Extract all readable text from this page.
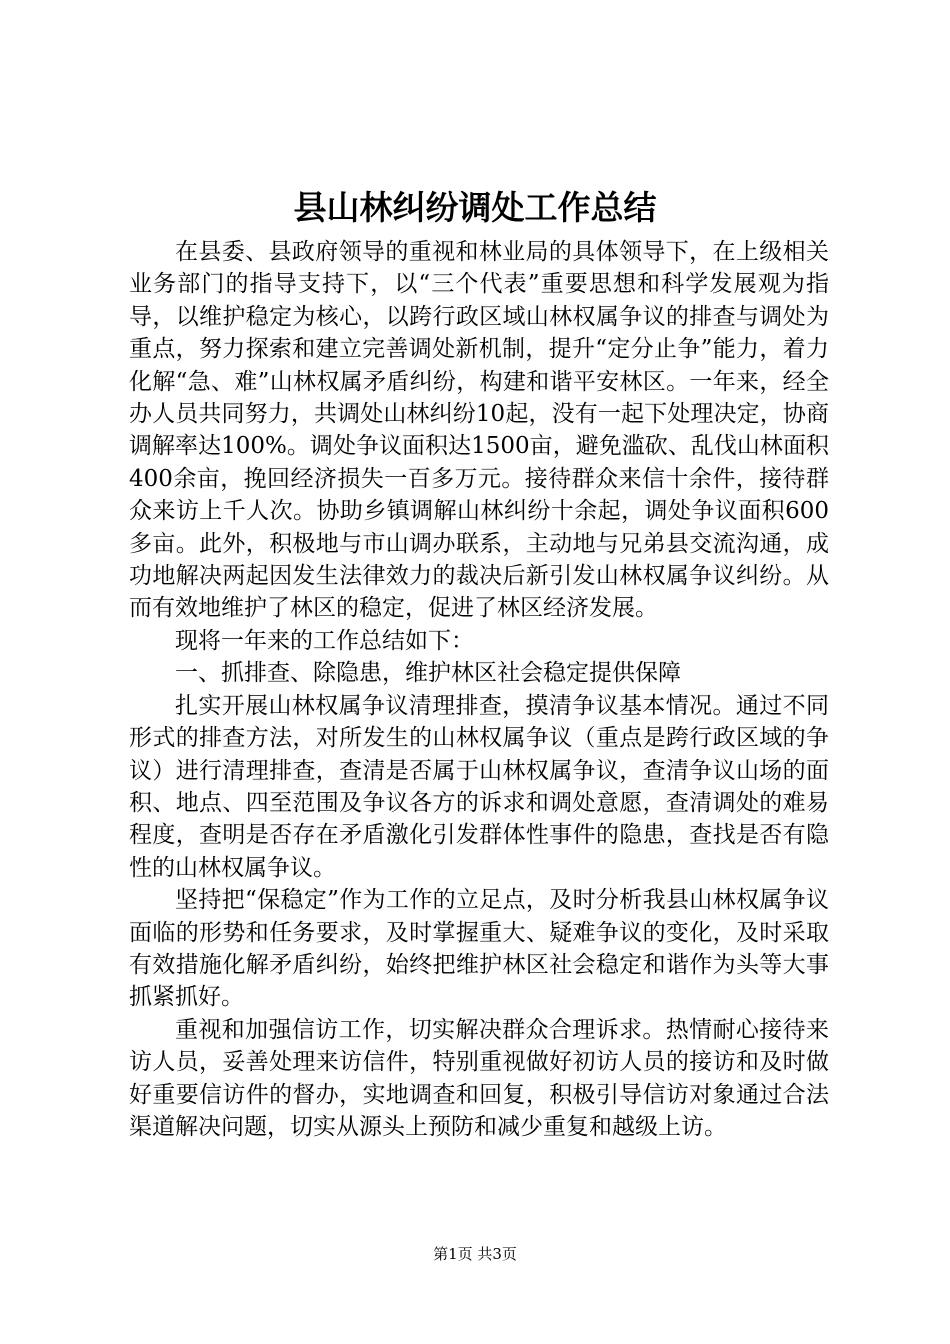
县山林纠纷调处工作总结

在县委、县政府领导的重视和林业局的具体领导下，在上级相关业务部门的指导支持下，以“三个代表”重要思想和科学发展观为指导，以维护稳定为核心，以跨行政区域山林权属争议的排查与调处为重点，努力探索和建立完善调处新机制，提升“定分止争”能力，着力化解“急、难”山林权属矛盾纠纷，构建和谐平安林区。一年来，经全办人员共同努力，共调处山林纠纷10起，没有一起下处理决定，协商调解率达100%。调处争议面积达1500亩，避免滥砍、乱伐山林面积400余亩，挽回经济损失一百多万元。接待群众来信十余件，接待群众来访上千人次。协助乡镇调解山林纠纷十余起，调处争议面积600多亩。此外，积极地与市山调办联系，主动地与兄弟县交流沟通，成功地解决两起因发生法律效力的裁决后新引发山林权属争议纠纷。从而有效地维护了林区的稳定，促进了林区经济发展。

现将一年来的工作总结如下：

一、抓排查、除隐患，维护林区社会稳定提供保障

扎实开展山林权属争议清理排查，摸清争议基本情况。通过不同形式的排查方法，对所发生的山林权属争议（重点是跨行政区域的争议）进行清理排查，查清是否属于山林权属争议，查清争议山场的面积、地点、四至范围及争议各方的诉求和调处意愿，查清调处的难易程度，查明是否存在矛盾激化引发群体性事件的隐患，查找是否有隐性的山林权属争议。

坚持把“保稳定”作为工作的立足点，及时分析我县山林权属争议面临的形势和任务要求，及时掌握重大、疑难争议的变化，及时采取有效措施化解矛盾纠纷，始终把维护林区社会稳定和谐作为头等大事抓紧抓好。

重视和加强信访工作，切实解决群众合理诉求。热情耐心接待来访人员，妥善处理来访信件，特别重视做好初访人员的接访和及时做好重要信访件的督办，实地调查和回复，积极引导信访对象通过合法渠道解决问题，切实从源头上预防和减少重复和越级上访。

第1页 共3页
